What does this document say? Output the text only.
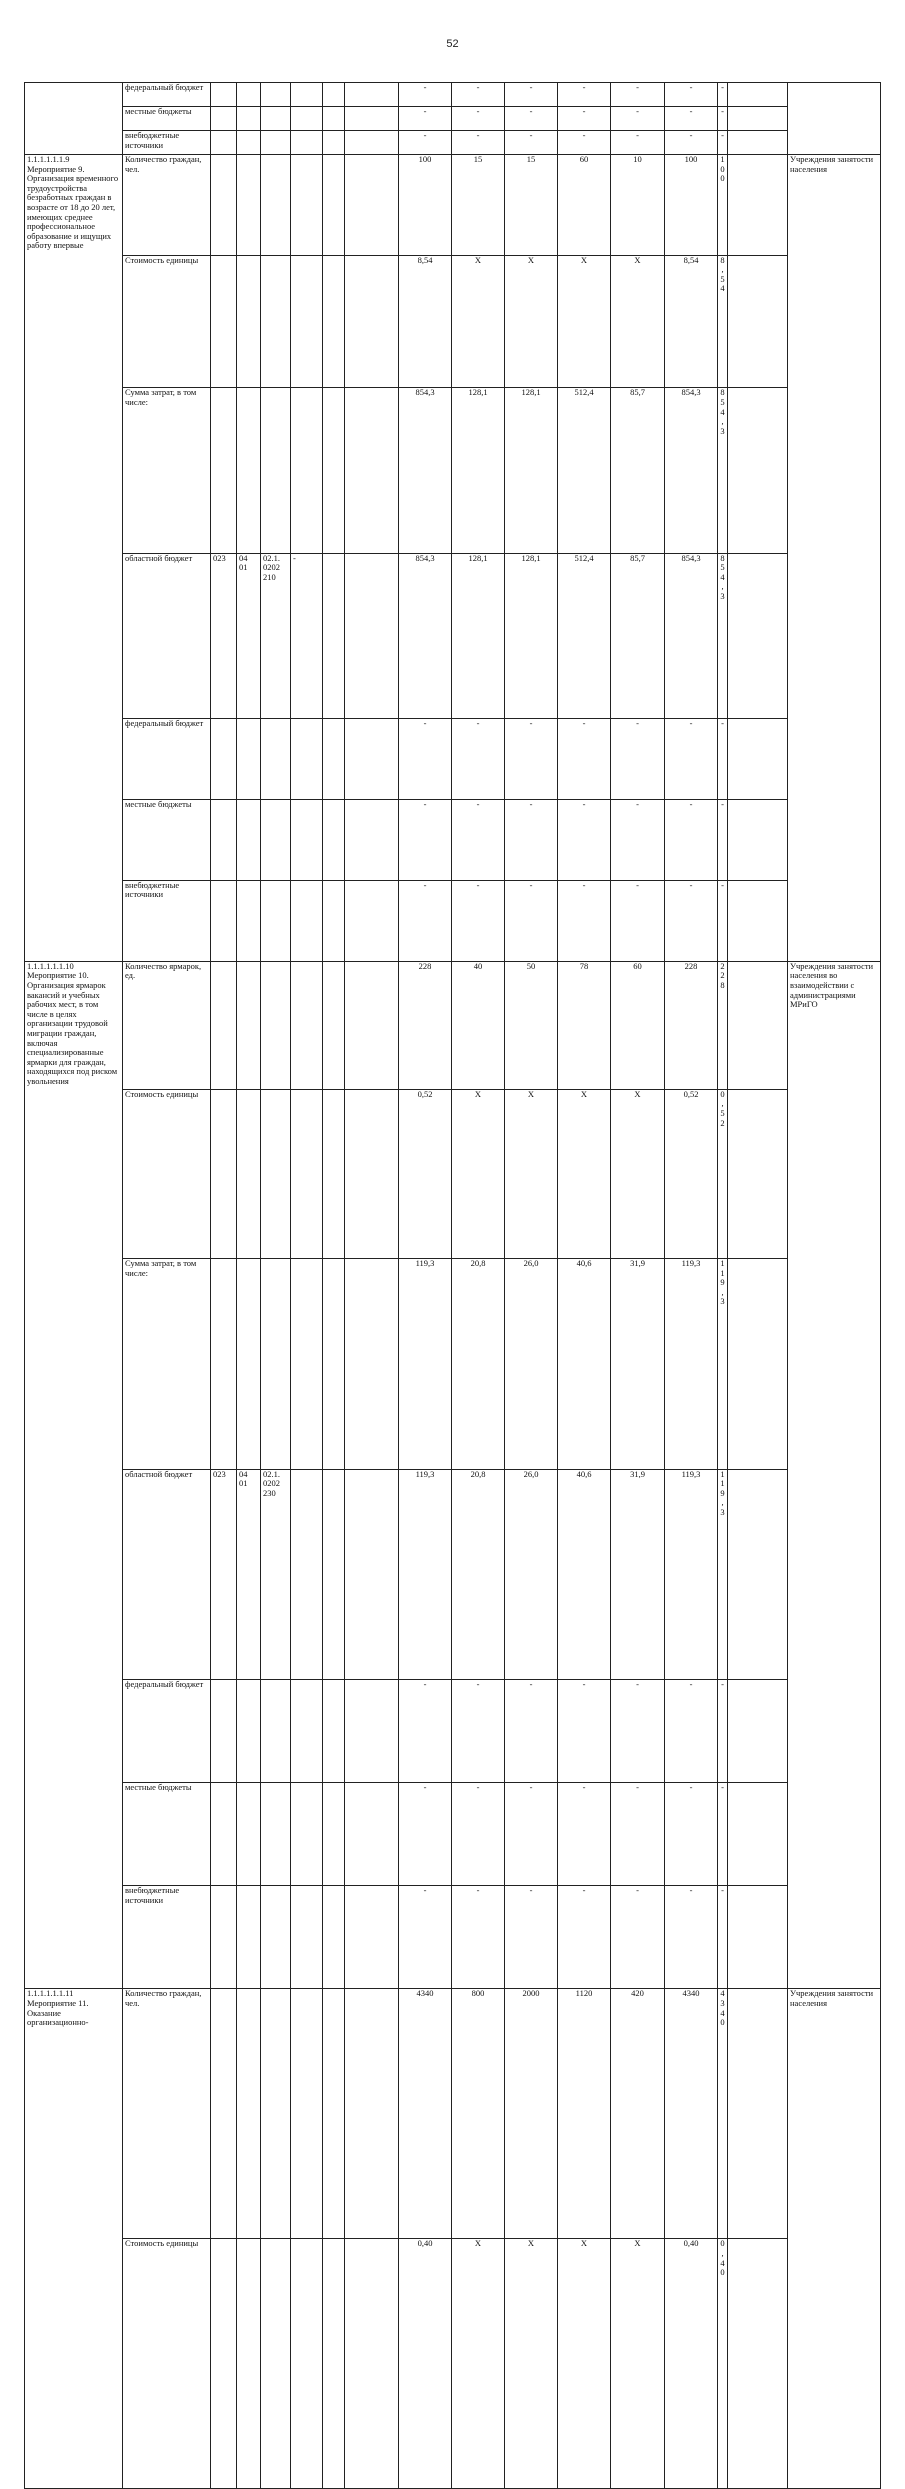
52
	федеральный бюджет							-	-	-	-	-	-	-			
	местные бюджеты							-	-	-	-	-	-	-			
	внебюджетные источники							-	-	-	-	-	-	-			
1.1.1.1.1.1.9 Мероприятие 9. Организация временного трудоустройства безработных граждан в возрасте от 18 до 20 лет, имеющих среднее профессиональное образование и ищущих работу впервые	Количество граждан, чел.							100	15	15	60	10	100	100		Учреждения занятости населения	
	Стоимость единицы							8,54	X	X	X	X	8,54	8,54			
	Сумма затрат, в том числе:							854,3	128,1	128,1	512,4	85,7	854,3	854,3			
	областной бюджет	023	04 01	02.1. 0202 210	-			854,3	128,1	128,1	512,4	85,7	854,3	854,3			
	федеральный бюджет							-	-	-	-	-	-	-			
	местные бюджеты							-	-	-	-	-	-	-			
	внебюджетные источники							-	-	-	-	-	-	-			
1.1.1.1.1.1.10 Мероприятие 10. Организация ярмарок вакансий и учебных рабочих мест, в том числе в целях организации трудовой миграции граждан, включая специализированные ярмарки для граждан, находящихся под риском увольнения	Количество ярмарок, ед.							228	40	50	78	60	228	228		Учреждения занятости населения во взаимодействии с администрациями МРиГО	
	Стоимость единицы							0,52	X	X	X	X	0,52	0,52			
	Сумма затрат, в том числе:							119,3	20,8	26,0	40,6	31,9	119,3	119,3			
	областной бюджет	023	04 01	02.1. 0202 230				119,3	20,8	26,0	40,6	31,9	119,3	119,3			
	федеральный бюджет							-	-	-	-	-	-	-			
	местные бюджеты							-	-	-	-	-	-	-			
	внебюджетные источники							-	-	-	-	-	-	-			
1.1.1.1.1.1.11 Мероприятие 11. Оказание организационно-	Количество граждан, чел.							4340	800	2000	1120	420	4340	4340		Учреждения занятости населения	
	Стоимость единицы							0,40	X	X	X	X	0,40	0,40			
